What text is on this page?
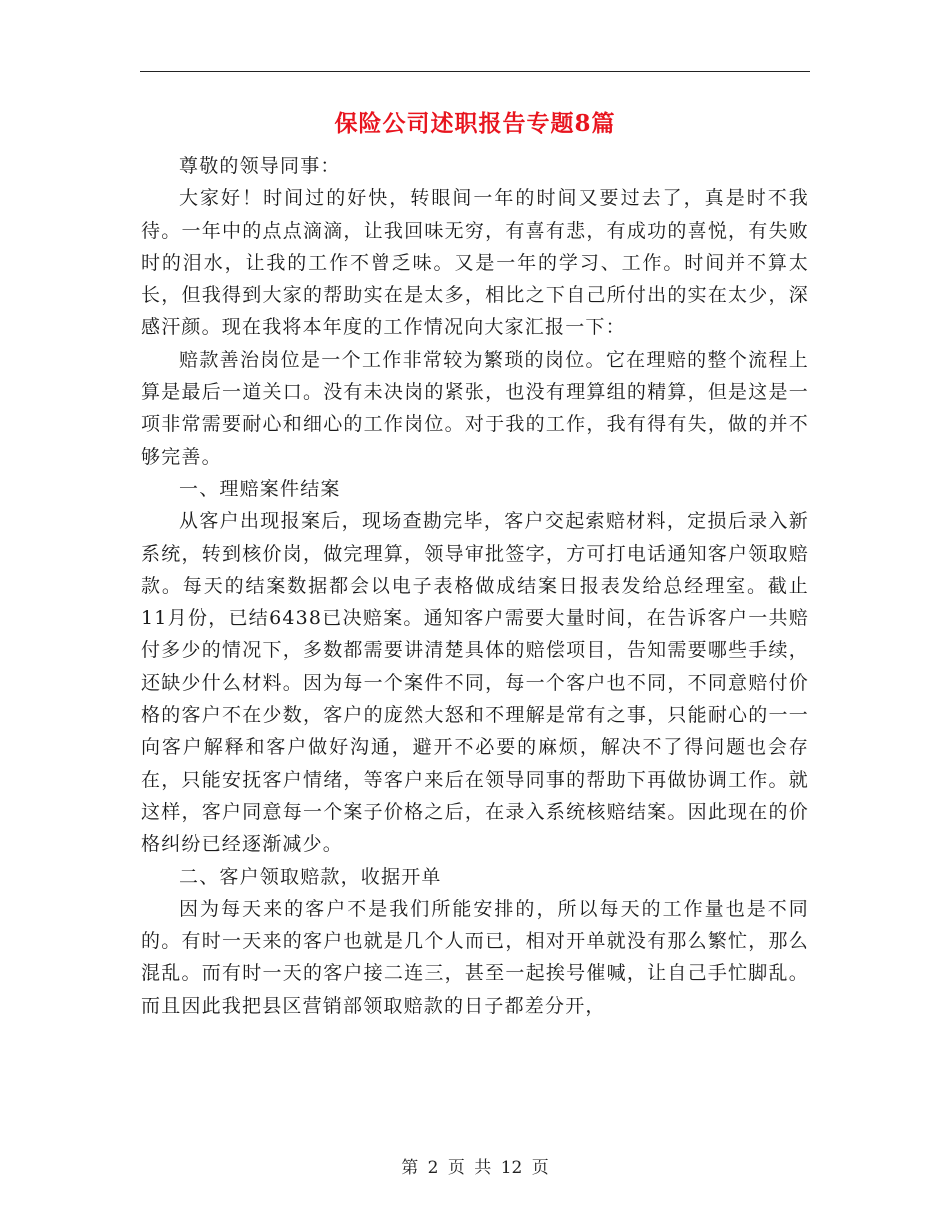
保险公司述职报告专题8篇

尊敬的领导同事：

大家好！时间过的好快，转眼间一年的时间又要过去了，真是时不我待。一年中的点点滴滴，让我回味无穷，有喜有悲，有成功的喜悦，有失败时的泪水，让我的工作不曾乏味。又是一年的学习、工作。时间并不算太长，但我得到大家的帮助实在是太多，相比之下自己所付出的实在太少，深感汗颜。现在我将本年度的工作情况向大家汇报一下：

赔款善治岗位是一个工作非常较为繁琐的岗位。它在理赔的整个流程上算是最后一道关口。没有未决岗的紧张，也没有理算组的精算，但是这是一项非常需要耐心和细心的工作岗位。对于我的工作，我有得有失，做的并不够完善。

一、理赔案件结案

从客户出现报案后，现场查勘完毕，客户交起索赔材料，定损后录入新系统，转到核价岗，做完理算，领导审批签字，方可打电话通知客户领取赔款。每天的结案数据都会以电子表格做成结案日报表发给总经理室。截止11月份，已结6438已决赔案。通知客户需要大量时间，在告诉客户一共赔付多少的情况下，多数都需要讲清楚具体的赔偿项目，告知需要哪些手续，还缺少什么材料。因为每一个案件不同，每一个客户也不同，不同意赔付价格的客户不在少数，客户的庞然大怒和不理解是常有之事，只能耐心的一一向客户解释和客户做好沟通，避开不必要的麻烦，解决不了得问题也会存在，只能安抚客户情绪，等客户来后在领导同事的帮助下再做协调工作。就这样，客户同意每一个案子价格之后，在录入系统核赔结案。因此现在的价格纠纷已经逐渐减少。

二、客户领取赔款，收据开单

因为每天来的客户不是我们所能安排的，所以每天的工作量也是不同的。有时一天来的客户也就是几个人而已，相对开单就没有那么繁忙，那么混乱。而有时一天的客户接二连三，甚至一起挨号催喊，让自己手忙脚乱。而且因此我把县区营销部领取赔款的日子都差分开，

第 2 页 共 12 页
